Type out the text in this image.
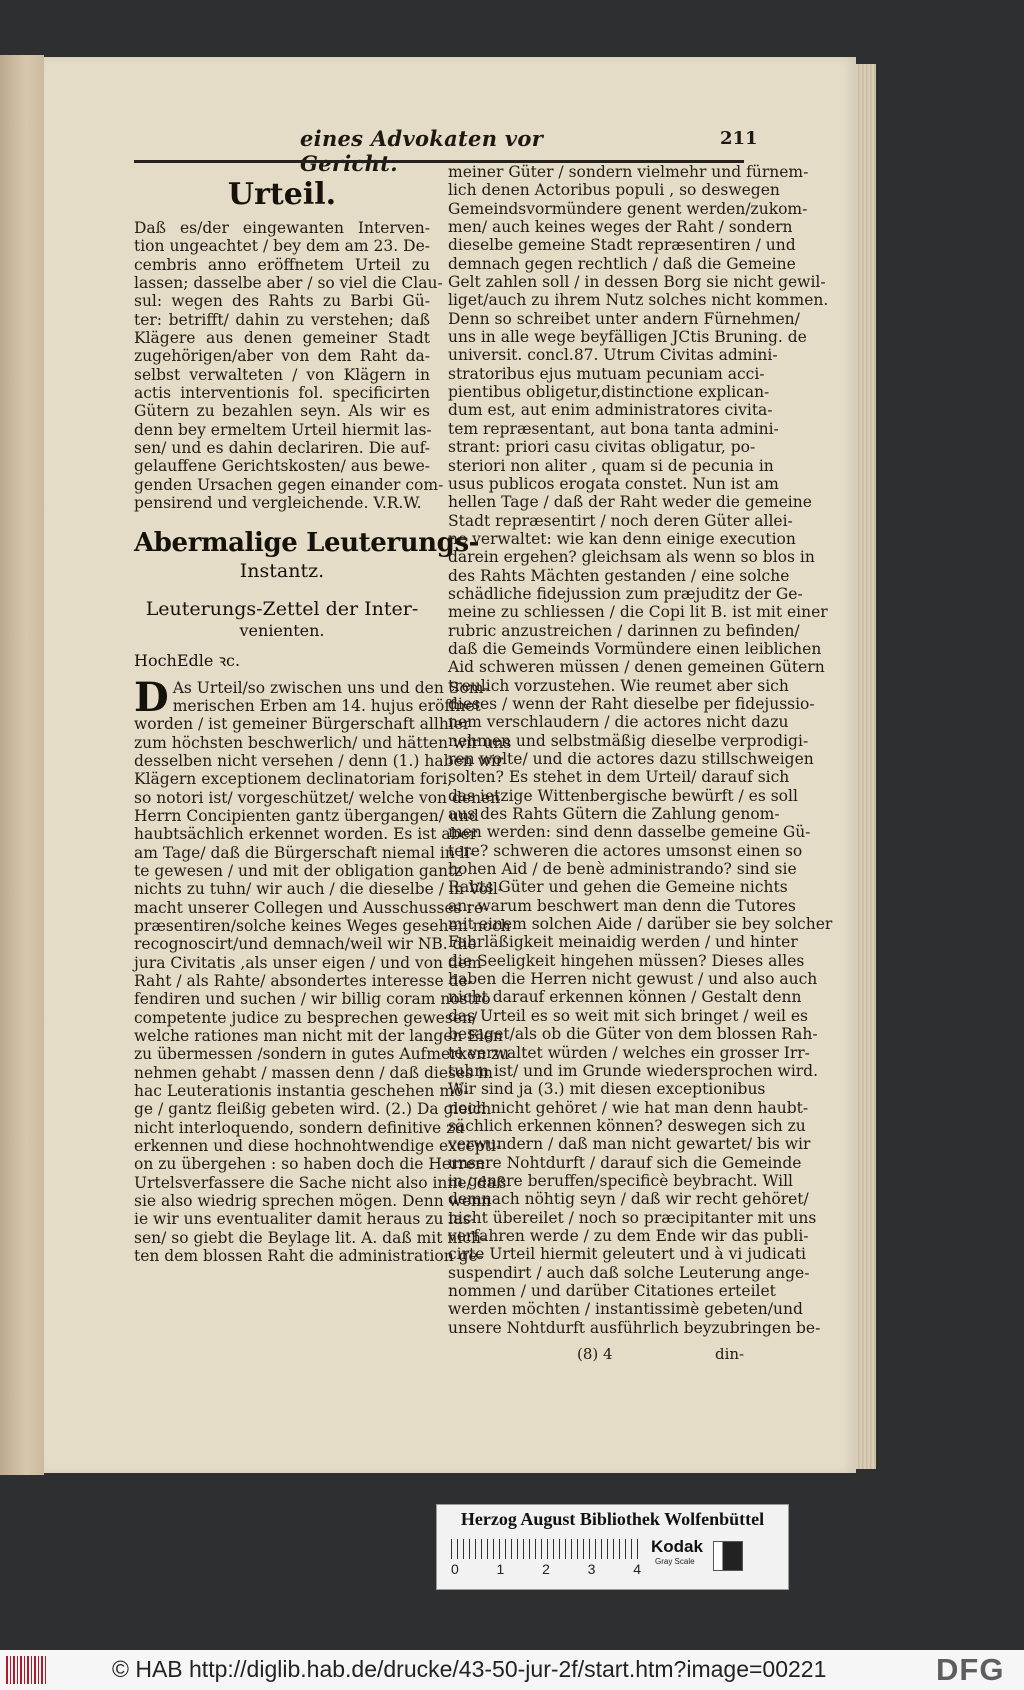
eines Advokaten vor Gericht.
211
Urteil.
Daß es/der eingewanten Interven-
tion ungeachtet / bey dem am 23. De-
cembris anno eröffnetem Urteil zu
lassen; dasselbe aber / so viel die Clau-
sul: wegen des Rahts zu Barbi Gü-
ter: betrifft/ dahin zu verstehen; daß
Klägere aus denen gemeiner Stadt
zugehörigen/aber von dem Raht da-
selbst verwalteten / von Klägern in
actis interventionis fol. specificirten
Gütern zu bezahlen seyn. Als wir es
denn bey ermeltem Urteil hiermit las-
sen/ und es dahin declariren. Die auf-
gelauffene Gerichtskosten/ aus bewe-
genden Ursachen gegen einander com-
pensirend und vergleichende. V.R.W.
Abermalige Leuterungs-
Instantz.
Leuterungs-Zettel der Inter-
venienten.
HochEdle ꝛc.
D As Urteil/so zwischen uns und den Som-
merischen Erben am 14. hujus eröffnet
worden / ist gemeiner Bürgerschaft allhier
zum höchsten beschwerlich/ und hätten wir uns
desselben nicht versehen / denn (1.) haben wir
Klägern exceptionem declinatoriam fori,
so notori ist/ vorgeschützet/ welche von denen
Herrn Concipienten gantz übergangen/ und
haubtsächlich erkennet worden. Es ist aber
am Tage/ daß die Bürgerschaft niemal in li-
te gewesen / und mit der obligation gantz
nichts zu tuhn/ wir auch / die dieselbe / in Voll-
macht unserer Collegen und Ausschusses re-
præsentiren/solche keines Weges gesehen noch
recognoscirt/und demnach/weil wir NB. die
jura Civitatis ,als unser eigen / und von dem
Raht / als Rahte/ absondertes interesse de-
fendiren und suchen / wir billig coram nostro
competente judice zu besprechen gewesen/
welche rationes man nicht mit der langen Elen
zu übermessen /sondern in gutes Aufmerken zu
nehmen gehabt / massen denn / daß dieses in
hac Leuterationis instantia geschehen mö-
ge / gantz fleißig gebeten wird. (2.) Da gleich
nicht interloquendo, sondern definitive zu
erkennen und diese hochnohtwendige excepti-
on zu übergehen : so haben doch die Herren
Urtelsverfassere die Sache nicht also inne/ daß
sie also wiedrig sprechen mögen. Denn wenn
ie wir uns eventualiter damit heraus zu las-
sen/ so giebt die Beylage lit. A. daß mit nich-
ten dem blossen Raht die administration ge-
meiner Güter / sondern vielmehr und fürnem-
lich denen Actoribus populi , so deswegen
Gemeindsvormündere genent werden/zukom-
men/ auch keines weges der Raht / sondern
dieselbe gemeine Stadt repræsentiren / und
demnach gegen rechtlich / daß die Gemeine
Gelt zahlen soll / in dessen Borg sie nicht gewil-
liget/auch zu ihrem Nutz solches nicht kommen.
Denn so schreibet unter andern Fürnehmen/
uns in alle wege beyfälligen JCtis Bruning. de
universit. concl.87. Utrum Civitas admini-
stratoribus ejus mutuam pecuniam acci-
pientibus obligetur,distinctione explican-
dum est, aut enim administratores civita-
tem repræsentant, aut bona tanta admini-
strant: priori casu civitas obligatur, po-
steriori non aliter , quam si de pecunia in
usus publicos erogata constet. Nun ist am
hellen Tage / daß der Raht weder die gemeine
Stadt repræsentirt / noch deren Güter allei-
ne verwaltet: wie kan denn einige execution
darein ergehen? gleichsam als wenn so blos in
des Rahts Mächten gestanden / eine solche
schädliche fidejussion zum præjuditz der Ge-
meine zu schliessen / die Copi lit B. ist mit einer
rubric anzustreichen / darinnen zu befinden/
daß die Gemeinds Vormündere einen leiblichen
Aid schweren müssen / denen gemeinen Gütern
treulich vorzustehen. Wie reumet aber sich
dieses / wenn der Raht dieselbe per fidejussio-
nem verschlaudern / die actores nicht dazu
nehmen und selbstmäßig dieselbe verprodigi-
ren wolte/ und die actores dazu stillschweigen
solten? Es stehet in dem Urteil/ darauf sich
das ietzige Wittenbergische bewürft / es soll
aus des Rahts Gütern die Zahlung genom-
men werden: sind denn dasselbe gemeine Gü-
tere? schweren die actores umsonst einen so
hohen Aid / de benè administrando? sind sie
Rahts Güter und gehen die Gemeine nichts
an; warum beschwert man denn die Tutores
mit einem solchen Aide / darüber sie bey solcher
Fahrläßigkeit meinaidig werden / und hinter
die Seeligkeit hingehen müssen? Dieses alles
haben die Herren nicht gewust / und also auch
nicht darauf erkennen können / Gestalt denn
das Urteil es so weit mit sich bringet / weil es
besaget/als ob die Güter von dem blossen Rah-
te verwaltet würden / welches ein grosser Irr-
tuhm ist/ und im Grunde wiedersprochen wird.
Wir sind ja (3.) mit diesen exceptionibus
noch nicht gehöret / wie hat man denn haubt-
sächlich erkennen können? deswegen sich zu
verwundern / daß man nicht gewartet/ bis wir
unsere Nohtdurft / darauf sich die Gemeinde
in genere beruffen/specificè beybracht. Will
demnach nöhtig seyn / daß wir recht gehöret/
nicht übereilet / noch so præcipitanter mit uns
verfahren werde / zu dem Ende wir das publi-
cirte Urteil hiermit geleutert und à vi judicati
suspendirt / auch daß solche Leuterung ange-
nommen / und darüber Citationes erteilet
werden möchten / instantissimè gebeten/und
unsere Nohtdurft ausführlich beyzubringen be-
(8) 4	din-
Herzog August Bibliothek Wolfenbüttel
0	1	2	3	4
Kodak
Gray Scale
© HAB http://diglib.hab.de/drucke/43-50-jur-2f/start.htm?image=00221	DFG
